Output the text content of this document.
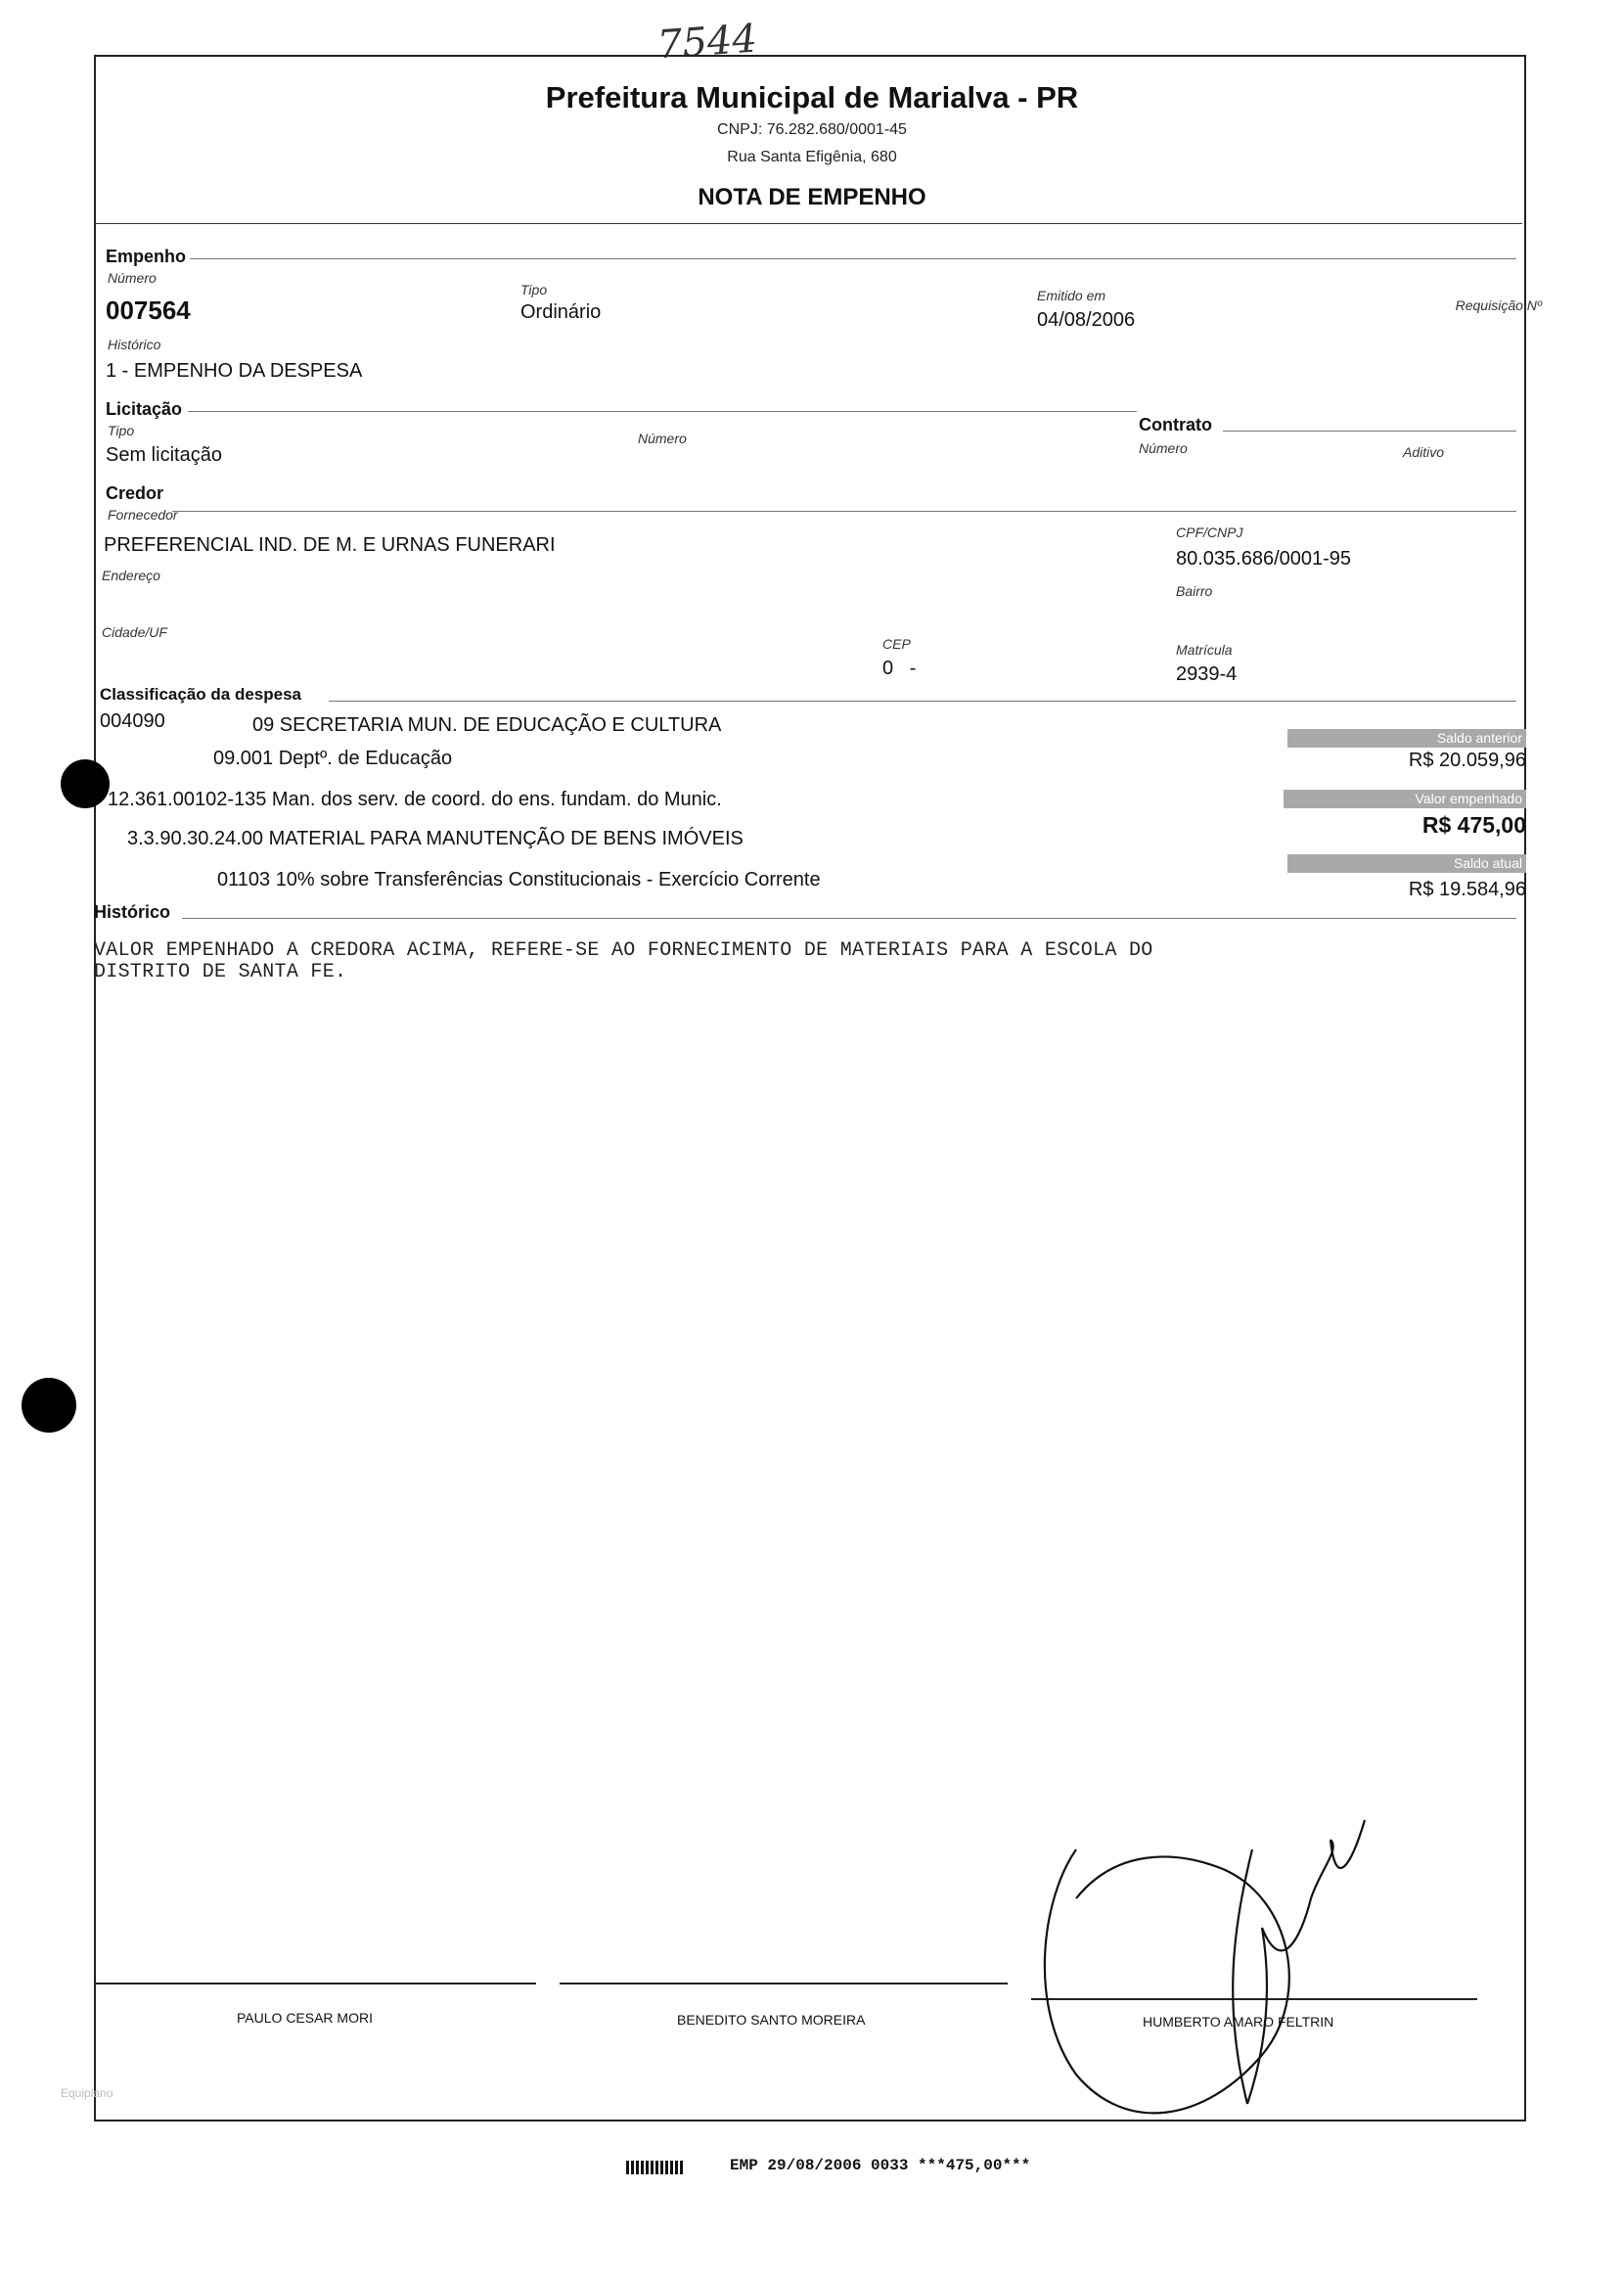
7544
Prefeitura Municipal de Marialva - PR
CNPJ: 76.282.680/0001-45
Rua Santa Efigênia, 680
NOTA DE EMPENHO
Empenho
Número
007564
Tipo
Ordinário
Emitido em
04/08/2006
Requisição Nº
Histórico
1 - EMPENHO DA DESPESA
Licitação
Tipo
Sem licitação
Número
Contrato
Número	Aditivo
Credor
Fornecedor
PREFERENCIAL IND. DE M. E URNAS FUNERARI
CPF/CNPJ
80.035.686/0001-95
Endereço
Bairro
Cidade/UF
CEP
0   -
Matrícula
2939-4
Classificação da despesa
004090	09 SECRETARIA MUN. DE EDUCAÇÃO E CULTURA
09.001 Deptº. de Educação
12.361.00102-135 Man. dos serv. de coord. do ens. fundam. do Munic.
3.3.90.30.24.00 MATERIAL PARA MANUTENÇÃO DE BENS IMÓVEIS
01103 10% sobre Transferências Constitucionais - Exercício Corrente
Saldo anterior
R$ 20.059,96
Valor empenhado
R$ 475,00
Saldo atual
R$ 19.584,96
Histórico
VALOR EMPENHADO A CREDORA ACIMA, REFERE-SE AO FORNECIMENTO DE MATERIAIS PARA A ESCOLA DO
DISTRITO DE SANTA FE.
PAULO CESAR MORI	BENEDITO SANTO MOREIRA	HUMBERTO AMARO FELTRIN
Equiplano
EMP 29/08/2006 0033 ***475,00***
